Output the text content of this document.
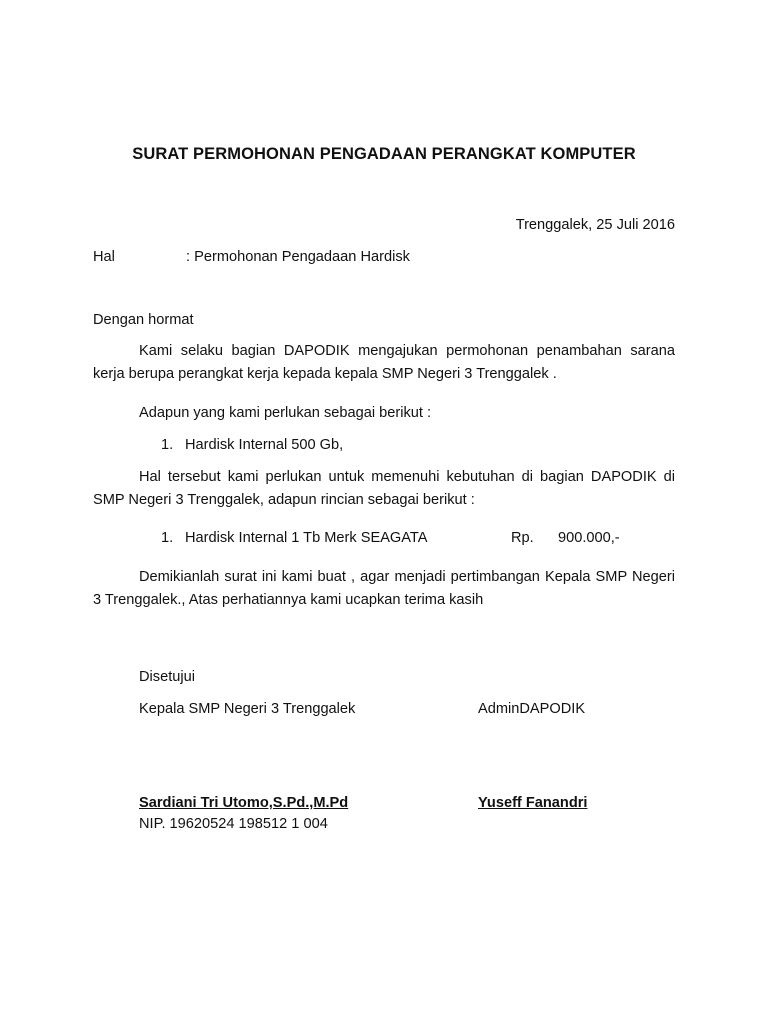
SURAT PERMOHONAN PENGADAAN PERANGKAT KOMPUTER
Trenggalek, 25 Juli 2016
Hal	: Permohonan Pengadaan Hardisk
Dengan hormat
Kami selaku bagian DAPODIK mengajukan permohonan penambahan sarana kerja berupa perangkat kerja kepada kepala SMP Negeri 3 Trenggalek .
Adapun yang kami perlukan sebagai berikut :
1. Hardisk Internal 500 Gb,
Hal tersebut kami perlukan untuk memenuhi kebutuhan di bagian DAPODIK di SMP Negeri 3 Trenggalek, adapun rincian sebagai berikut :
1. Hardisk Internal 1 Tb Merk SEAGATA	Rp. 900.000,-
Demikianlah surat ini kami buat , agar menjadi pertimbangan Kepala SMP Negeri 3 Trenggalek., Atas perhatiannya kami ucapkan terima kasih
Disetujui
Kepala SMP Negeri 3 Trenggalek
Sardiani Tri Utomo,S.Pd.,M.Pd
NIP. 19620524 198512 1 004
AdminDAPODIK
Yuseff Fanandri
